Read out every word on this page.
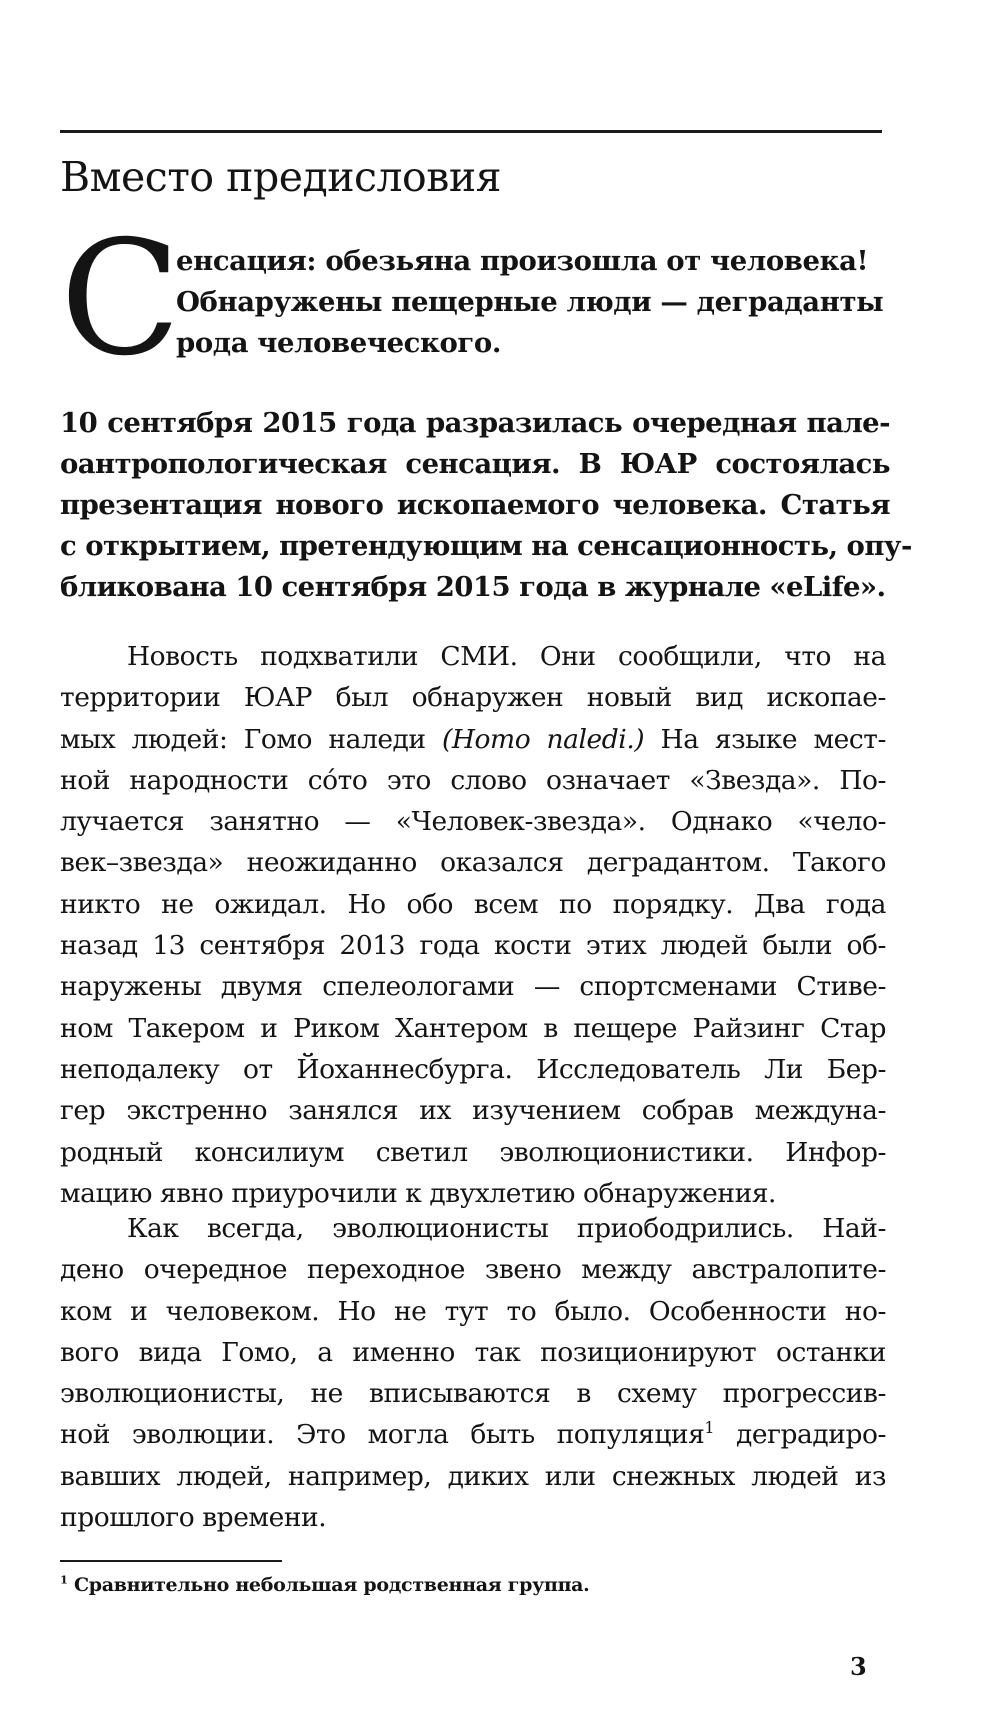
Вместо предисловия
С

енсация: обезьяна произошла от человека!
Обнаружены пещерные люди — деграданты
рода человеческого.

10 сентября 2015 года разразилась очередная пале-
оантропологическая сенсация. В ЮАР состоялась
презентация нового ископаемого человека. Статья
с открытием, претендующим на сенсационность, опу-
бликована 10 сентября 2015 года в журнале «eLife».

Новость подхватили СМИ. Они сообщили, что на
территории ЮАР был обнаружен новый вид ископае-
мых людей: Гомо наледи (Homo naledi.) На языке мест-
ной народности сóто это слово означает «Звезда». По-
лучается занятно — «Человек-звезда». Однако «чело-
век–звезда» неожиданно оказался деградантом. Такого
никто не ожидал. Но обо всем по порядку. Два года
назад 13 сентября 2013 года кости этих людей были об-
наружены двумя спелеологами — спортсменами Стиве-
ном Такером и Риком Хантером в пещере Райзинг Стар
неподалеку от Йоханнесбурга. Исследователь Ли Бер-
гер экстренно занялся их изучением собрав междуна-
родный консилиум светил эволюционистики. Инфор-
мацию явно приурочили к двухлетию обнаружения.

Как всегда, эволюционисты приободрились. Най-
дено очередное переходное звено между австралопите-
ком и человеком. Но не тут то было. Особенности но-
вого вида Гомо, а именно так позиционируют останки
эволюционисты, не вписываются в схему прогрессив-
ной эволюции. Это могла быть популяция$^1$ деградиро-
вавших людей, например, диких или снежных людей из
прошлого времени.

$^1$ Сравнительно небольшая родственная группа.

3
